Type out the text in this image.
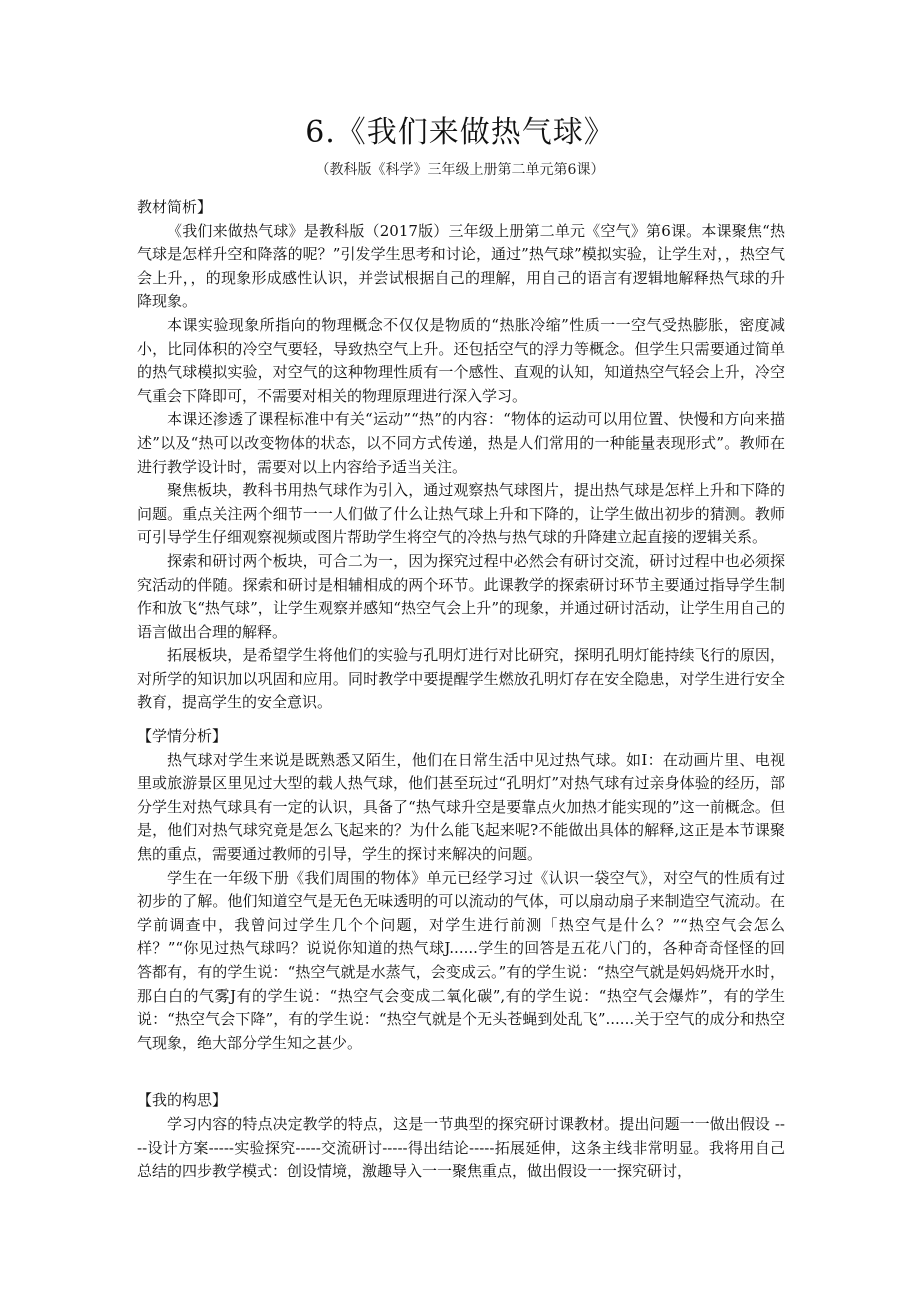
6.《我们来做热气球》
（教科版《科学》三年级上册第二单元第6课）

教材简析】

《我们来做热气球》是教科版（2017版）三年级上册第二单元《空气》第6课。本课聚焦“热气球是怎样升空和降落的呢？”引发学生思考和讨论，通过”热气球”模拟实验，让学生对，，热空气会上升，，的现象形成感性认识，并尝试根据自己的理解，用自己的语言有逻辑地解释热气球的升降现象。

本课实验现象所指向的物理概念不仅仅是物质的“热胀冷缩”性质一一空气受热膨胀，密度减小，比同体积的冷空气要轻，导致热空气上升。还包括空气的浮力等概念。但学生只需要通过简单的热气球模拟实验，对空气的这种物理性质有一个感性、直观的认知，知道热空气轻会上升，冷空气重会下降即可，不需要对相关的物理原理进行深入学习。

本课还渗透了课程标准中有关“运动”“热”的内容：“物体的运动可以用位置、快慢和方向来描述”以及“热可以改变物体的状态，以不同方式传递，热是人们常用的一种能量表现形式”。教师在进行教学设计时，需要对以上内容给予适当关注。

聚焦板块，教科书用热气球作为引入，通过观察热气球图片，提出热气球是怎样上升和下降的问题。重点关注两个细节一一人们做了什么让热气球上升和下降的，让学生做出初步的猜测。教师可引导学生仔细观察视频或图片帮助学生将空气的冷热与热气球的升降建立起直接的逻辑关系。

探索和研讨两个板块，可合二为一，因为探究过程中必然会有研讨交流，研讨过程中也必须探究活动的伴随。探索和研讨是相辅相成的两个环节。此课教学的探索研讨环节主要通过指导学生制作和放飞“热气球”，让学生观察并感知“热空气会上升”的现象，并通过研讨活动，让学生用自己的语言做出合理的解释。

拓展板块，是希望学生将他们的实验与孔明灯进行对比研究，探明孔明灯能持续飞行的原因，对所学的知识加以巩固和应用。同时教学中要提醒学生燃放孔明灯存在安全隐患，对学生进行安全教育，提高学生的安全意识。

【学情分析】

热气球对学生来说是既熟悉又陌生，他们在日常生活中见过热气球。如I：在动画片里、电视里或旅游景区里见过大型的载人热气球，他们甚至玩过“孔明灯”对热气球有过亲身体验的经历，部分学生对热气球具有一定的认识，具备了“热气球升空是要靠点火加热才能实现的”这一前概念。但是，他们对热气球究竟是怎么飞起来的？为什么能飞起来呢?不能做出具体的解释,这正是本节课聚焦的重点，需要通过教师的引导，学生的探讨来解决的问题。

学生在一年级下册《我们周围的物体》单元已经学习过《认识一袋空气》，对空气的性质有过初步的了解。他们知道空气是无色无味透明的可以流动的气体，可以扇动扇子来制造空气流动。在学前调查中，我曾问过学生几个个问题，对学生进行前测「热空气是什么？”“热空气会怎么样？”“你见过热气球吗？说说你知道的热气球J......学生的回答是五花八门的，各种奇奇怪怪的回答都有，有的学生说：“热空气就是水蒸气，会变成云。”有的学生说：“热空气就是妈妈烧开水时，那白白的气雾J有的学生说：“热空气会变成二氧化碳”,有的学生说：“热空气会爆炸”，有的学生说：“热空气会下降”，有的学生说：“热空气就是个无头苍蝇到处乱飞”......关于空气的成分和热空气现象，绝大部分学生知之甚少。

【我的构思】

学习内容的特点决定教学的特点，这是一节典型的探究研讨课教材。提出问题一一做出假设 ----设计方案-----实验探究-----交流研讨-----得出结论-----拓展延伸，这条主线非常明显。我将用自己总结的四步教学模式：创设情境，激趣导入一一聚焦重点，做出假设一一探究研讨，
